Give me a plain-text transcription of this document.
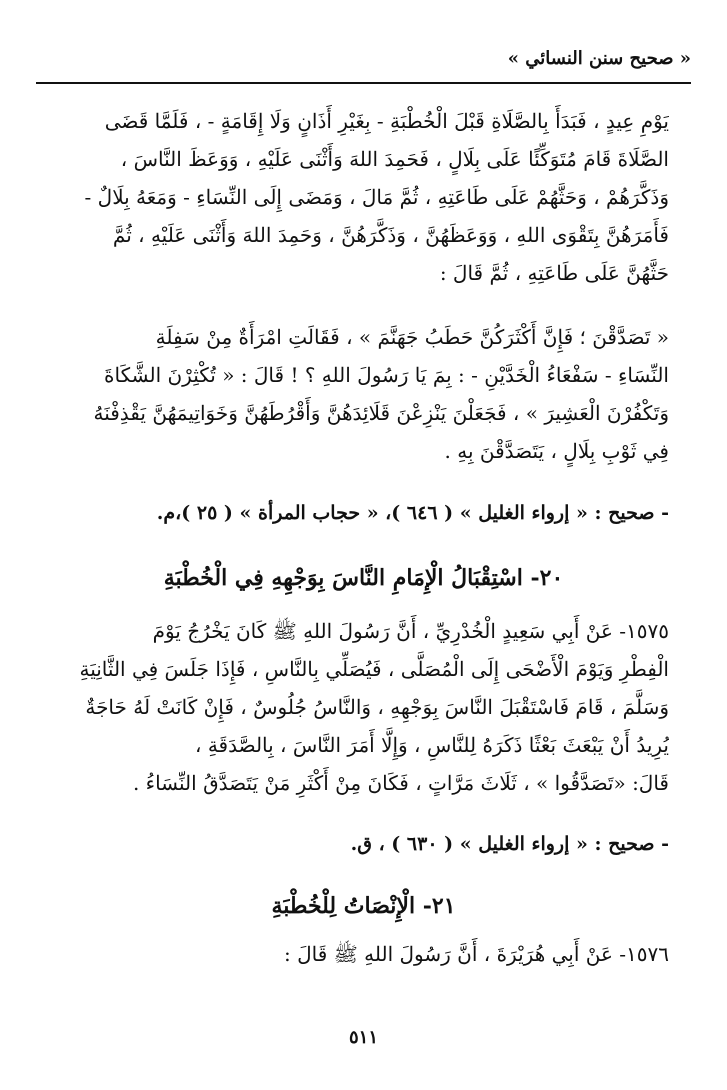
« صحيح سنن النسائي »
يَوْمِ عِيدٍ ، فَبَدَأَ بِالصَّلَاةِ قَبْلَ الْخُطْبَةِ - بِغَيْرِ أَذَانٍ وَلَا إِقَامَةٍ - ، فَلَمَّا قَضَى
الصَّلَاةَ قَامَ مُتَوَكِّئًا عَلَى بِلَالٍ ، فَحَمِدَ اللهَ وَأَثْنَى عَلَيْهِ ، وَوَعَظَ النَّاسَ ،
وَذَكَّرَهُمْ ، وَحَثَّهُمْ عَلَى طَاعَتِهِ ، ثُمَّ مَالَ ، وَمَضَى إِلَى النِّسَاءِ - وَمَعَهُ بِلَالٌ -
فَأَمَرَهُنَّ بِتَقْوَى اللهِ ، وَوَعَظَهُنَّ ، وَذَكَّرَهُنَّ ، وَحَمِدَ اللهَ وَأَثْنَى عَلَيْهِ ، ثُمَّ
حَثَّهُنَّ عَلَى طَاعَتِهِ ، ثُمَّ قَالَ :
« تَصَدَّقْنَ ؛ فَإِنَّ أَكْثَرَكُنَّ حَطَبُ جَهَنَّمَ » ، فَقَالَتِ امْرَأَةٌ مِنْ سَفِلَةِ
النِّسَاءِ - سَفْعَاءُ الْخَدَّيْنِ - : بِمَ يَا رَسُولَ اللهِ ؟ ! قَالَ : « تُكْثِرْنَ الشَّكَاةَ
وَتَكْفُرْنَ الْعَشِيرَ » ، فَجَعَلْنَ يَنْزِعْنَ قَلَائِدَهُنَّ وَأَقْرُطَهُنَّ وَخَوَاتِيمَهُنَّ يَقْذِفْنَهُ
فِي ثَوْبِ بِلَالٍ ، يَتَصَدَّقْنَ بِهِ .
- صحيح : « إرواء الغليل » ( ٦٤٦ )، « حجاب المرأة » ( ٢٥ )،م.
٢٠- اسْتِقْبَالُ الْإِمَامِ النَّاسَ بِوَجْهِهِ فِي الْخُطْبَةِ
١٥٧٥- عَنْ أَبِي سَعِيدٍ الْخُدْرِيِّ ، أَنَّ رَسُولَ اللهِ ﷺ كَانَ يَخْرُجُ يَوْمَ
الْفِطْرِ وَيَوْمَ الْأَضْحَى إِلَى الْمُصَلَّى ، فَيُصَلِّي بِالنَّاسِ ، فَإِذَا جَلَسَ فِي الثَّانِيَةِ
وَسَلَّمَ ، قَامَ فَاسْتَقْبَلَ النَّاسَ بِوَجْهِهِ ، وَالنَّاسُ جُلُوسٌ ، فَإِنْ كَانَتْ لَهُ حَاجَةٌ
يُرِيدُ أَنْ يَبْعَثَ بَعْثًا ذَكَرَهُ لِلنَّاسِ ، وَإِلَّا أَمَرَ النَّاسَ ، بِالصَّدَقَةِ ،
قَالَ: «تَصَدَّقُوا » ، ثَلَاثَ مَرَّاتٍ ، فَكَانَ مِنْ أَكْثَرِ مَنْ يَتَصَدَّقُ النِّسَاءُ .
- صحيح : « إرواء الغليل » ( ٦٣٠ ) ، ق.
٢١- الْإِنْصَاتُ لِلْخُطْبَةِ
١٥٧٦- عَنْ أَبِي هُرَيْرَةَ ، أَنَّ رَسُولَ اللهِ ﷺ قَالَ :
٥١١
